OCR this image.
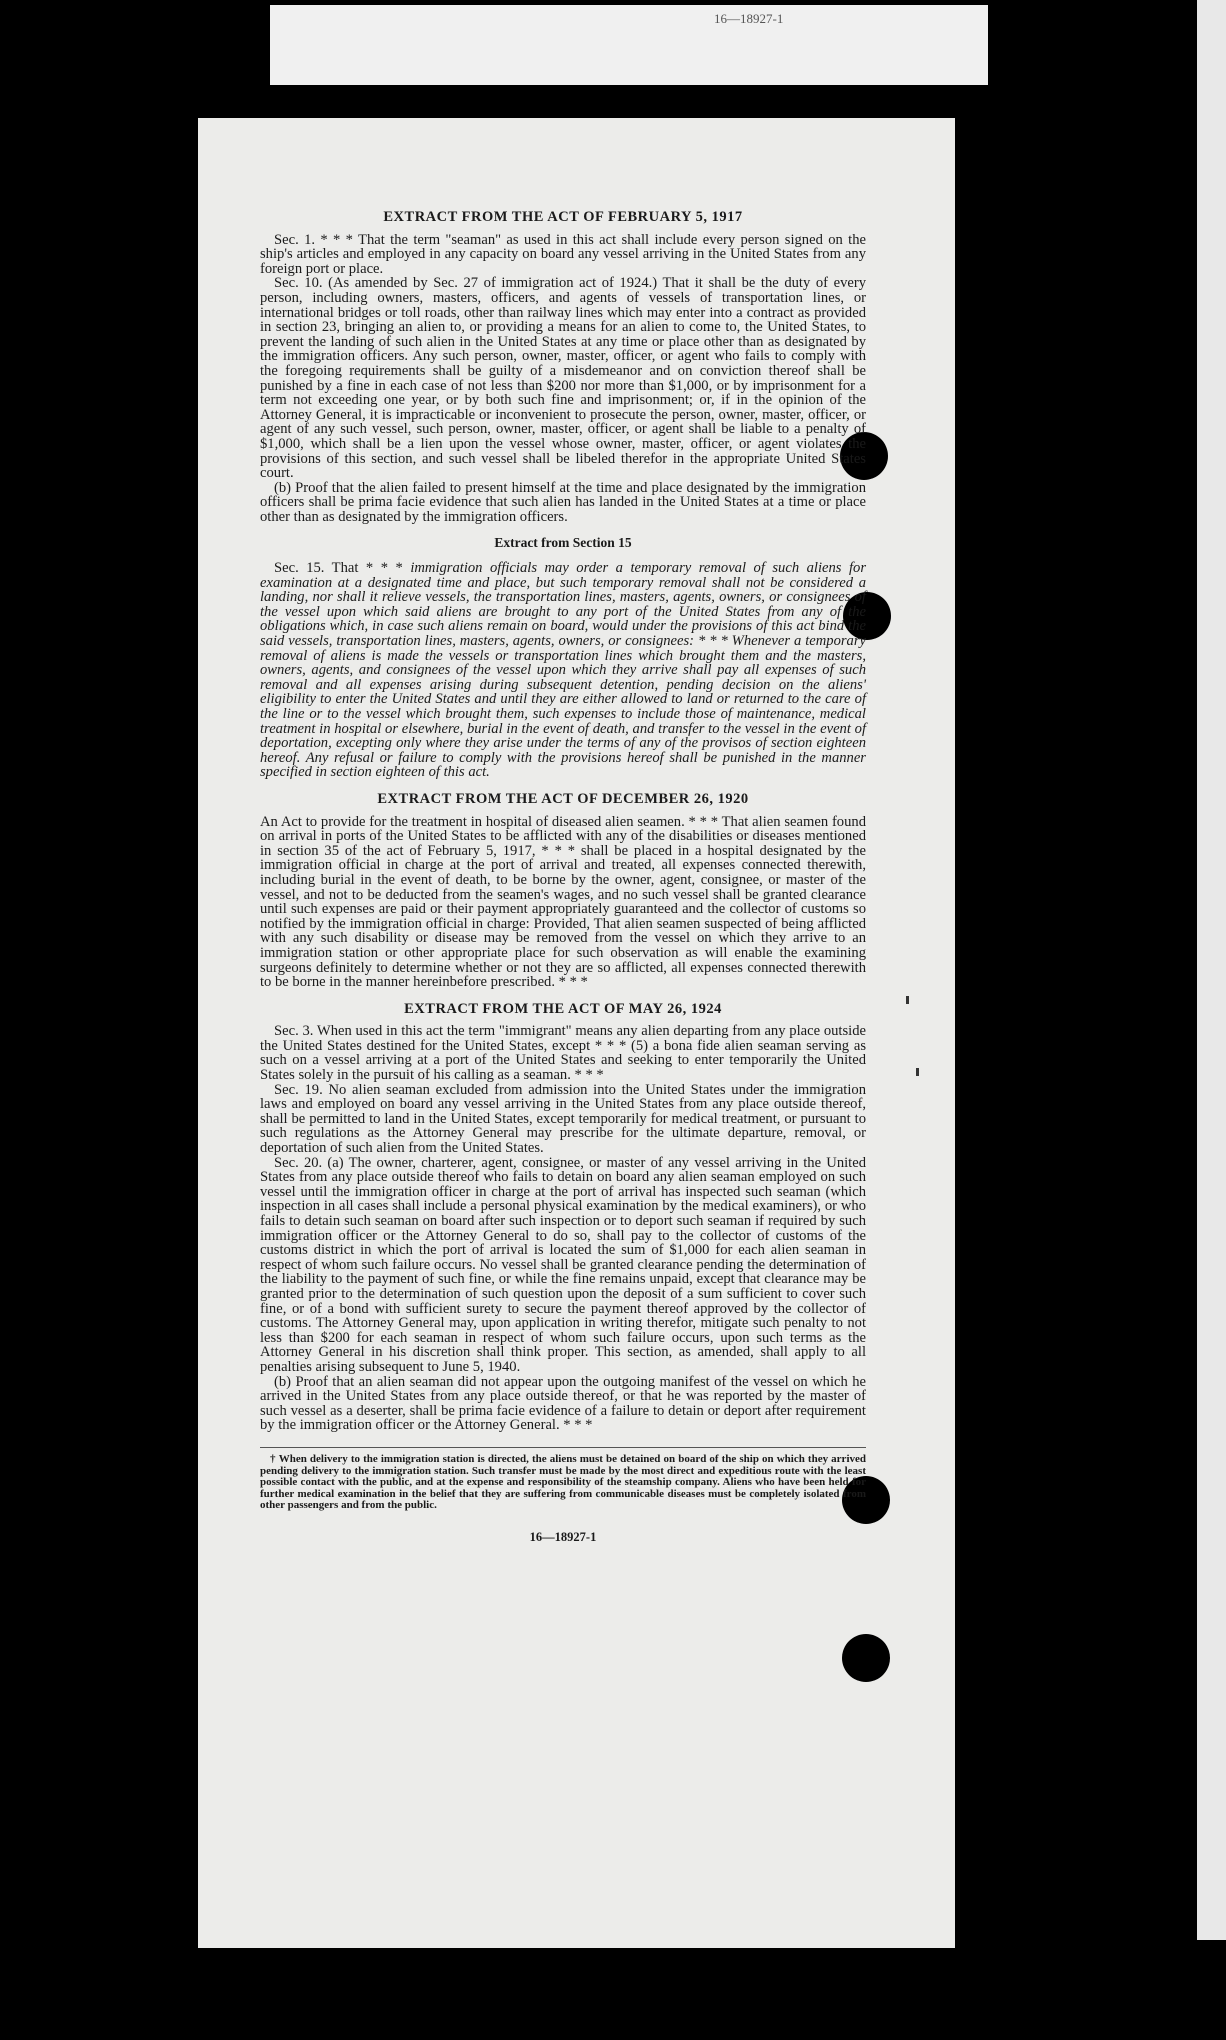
16—18927-1
EXTRACT FROM THE ACT OF FEBRUARY 5, 1917

Sec. 1. * * * That the term "seaman" as used in this act shall include every person signed on the ship's articles and employed in any capacity on board any vessel arriving in the United States from any foreign port or place.

Sec. 10. (As amended by Sec. 27 of immigration act of 1924.) That it shall be the duty of every person, including owners, masters, officers, and agents of vessels of transportation lines, or international bridges or toll roads, other than railway lines which may enter into a contract as provided in section 23, bringing an alien to, or providing a means for an alien to come to, the United States, to prevent the landing of such alien in the United States at any time or place other than as designated by the immigration officers. Any such person, owner, master, officer, or agent who fails to comply with the foregoing requirements shall be guilty of a misdemeanor and on conviction thereof shall be punished by a fine in each case of not less than $200 nor more than $1,000, or by imprisonment for a term not exceeding one year, or by both such fine and imprisonment; or, if in the opinion of the Attorney General, it is impracticable or inconvenient to prosecute the person, owner, master, officer, or agent of any such vessel, such person, owner, master, officer, or agent shall be liable to a penalty of $1,000, which shall be a lien upon the vessel whose owner, master, officer, or agent violates the provisions of this section, and such vessel shall be libeled therefor in the appropriate United States court.

(b) Proof that the alien failed to present himself at the time and place designated by the immigration officers shall be prima facie evidence that such alien has landed in the United States at a time or place other than as designated by the immigration officers.

Extract from Section 15

Sec. 15. That * * * immigration officials may order a temporary removal of such aliens for examination at a designated time and place, but such temporary removal shall not be considered a landing, nor shall it relieve vessels, the transportation lines, masters, agents, owners, or consignees of the vessel upon which said aliens are brought to any port of the United States from any of the obligations which, in case such aliens remain on board, would under the provisions of this act bind the said vessels, transportation lines, masters, agents, owners, or consignees: * * * Whenever a temporary removal of aliens is made the vessels or transportation lines which brought them and the masters, owners, agents, and consignees of the vessel upon which they arrive shall pay all expenses of such removal and all expenses arising during subsequent detention, pending decision on the aliens' eligibility to enter the United States and until they are either allowed to land or returned to the care of the line or to the vessel which brought them, such expenses to include those of maintenance, medical treatment in hospital or elsewhere, burial in the event of death, and transfer to the vessel in the event of deportation, excepting only where they arise under the terms of any of the provisos of section eighteen hereof. Any refusal or failure to comply with the provisions hereof shall be punished in the manner specified in section eighteen of this act.

EXTRACT FROM THE ACT OF DECEMBER 26, 1920

An Act to provide for the treatment in hospital of diseased alien seamen. * * * That alien seamen found on arrival in ports of the United States to be afflicted with any of the disabilities or diseases mentioned in section 35 of the act of February 5, 1917, * * * shall be placed in a hospital designated by the immigration official in charge at the port of arrival and treated, all expenses connected therewith, including burial in the event of death, to be borne by the owner, agent, consignee, or master of the vessel, and not to be deducted from the seamen's wages, and no such vessel shall be granted clearance until such expenses are paid or their payment appropriately guaranteed and the collector of customs so notified by the immigration official in charge: Provided, That alien seamen suspected of being afflicted with any such disability or disease may be removed from the vessel on which they arrive to an immigration station or other appropriate place for such observation as will enable the examining surgeons definitely to determine whether or not they are so afflicted, all expenses connected therewith to be borne in the manner hereinbefore prescribed. * * *

EXTRACT FROM THE ACT OF MAY 26, 1924

Sec. 3. When used in this act the term "immigrant" means any alien departing from any place outside the United States destined for the United States, except * * * (5) a bona fide alien seaman serving as such on a vessel arriving at a port of the United States and seeking to enter temporarily the United States solely in the pursuit of his calling as a seaman. * * *

Sec. 19. No alien seaman excluded from admission into the United States under the immigration laws and employed on board any vessel arriving in the United States from any place outside thereof, shall be permitted to land in the United States, except temporarily for medical treatment, or pursuant to such regulations as the Attorney General may prescribe for the ultimate departure, removal, or deportation of such alien from the United States.

Sec. 20. (a) The owner, charterer, agent, consignee, or master of any vessel arriving in the United States from any place outside thereof who fails to detain on board any alien seaman employed on such vessel until the immigration officer in charge at the port of arrival has inspected such seaman (which inspection in all cases shall include a personal physical examination by the medical examiners), or who fails to detain such seaman on board after such inspection or to deport such seaman if required by such immigration officer or the Attorney General to do so, shall pay to the collector of customs of the customs district in which the port of arrival is located the sum of $1,000 for each alien seaman in respect of whom such failure occurs. No vessel shall be granted clearance pending the determination of the liability to the payment of such fine, or while the fine remains unpaid, except that clearance may be granted prior to the determination of such question upon the deposit of a sum sufficient to cover such fine, or of a bond with sufficient surety to secure the payment thereof approved by the collector of customs. The Attorney General may, upon application in writing therefor, mitigate such penalty to not less than $200 for each seaman in respect of whom such failure occurs, upon such terms as the Attorney General in his discretion shall think proper. This section, as amended, shall apply to all penalties arising subsequent to June 5, 1940.

(b) Proof that an alien seaman did not appear upon the outgoing manifest of the vessel on which he arrived in the United States from any place outside thereof, or that he was reported by the master of such vessel as a deserter, shall be prima facie evidence of a failure to detain or deport after requirement by the immigration officer or the Attorney General. * * *

† When delivery to the immigration station is directed, the aliens must be detained on board of the ship on which they arrived pending delivery to the immigration station. Such transfer must be made by the most direct and expeditious route with the least possible contact with the public, and at the expense and responsibility of the steamship company. Aliens who have been held for further medical examination in the belief that they are suffering from communicable diseases must be completely isolated from other passengers and from the public.

16—18927-1
